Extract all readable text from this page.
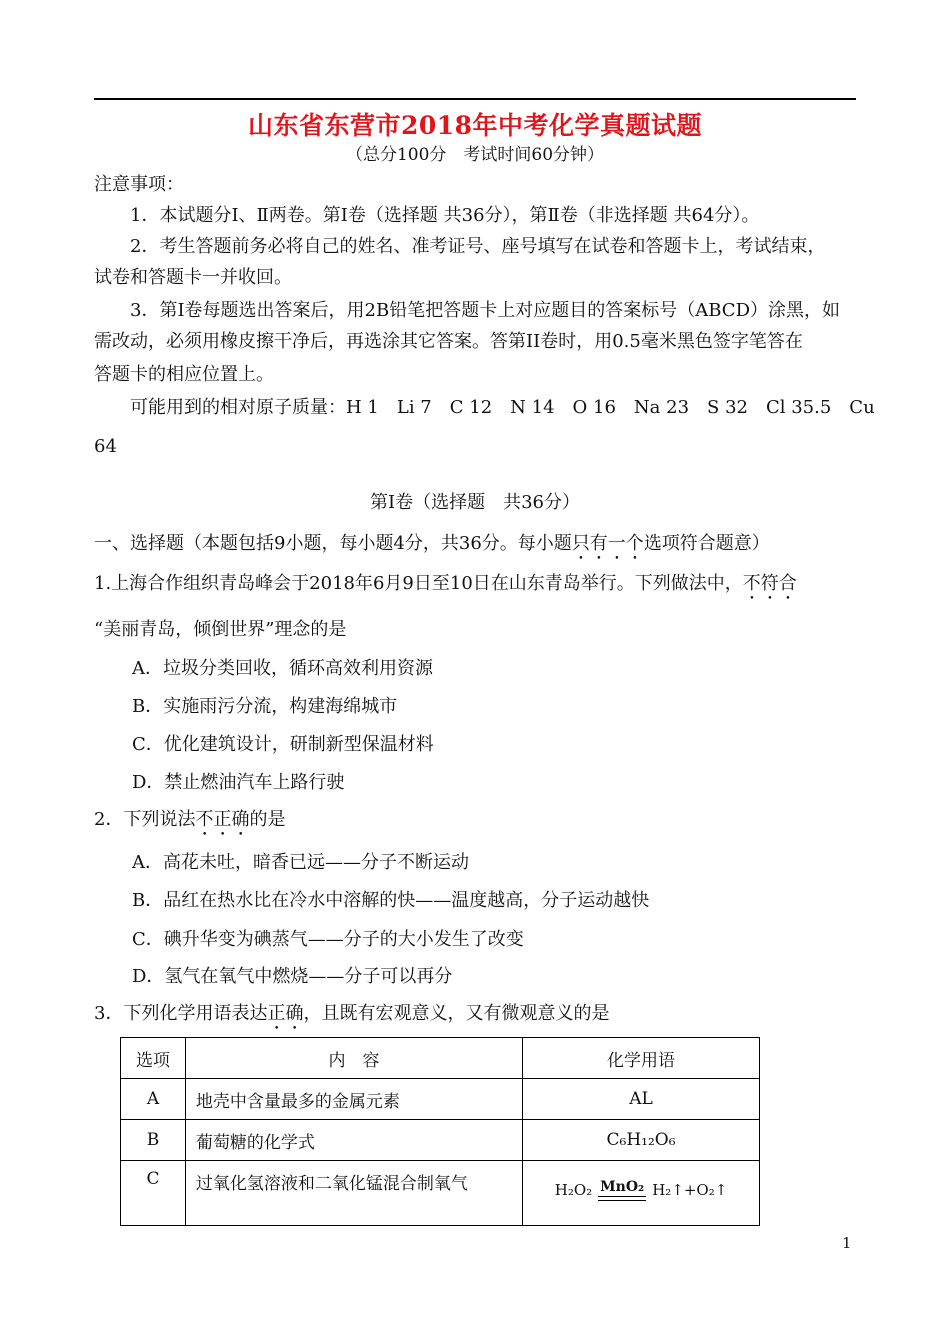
山东省东营市2018年中考化学真题试题
（总分100分　考试时间60分钟）
注意事项：
1．本试题分Ⅰ、Ⅱ两卷。第Ⅰ卷（选择题 共36分），第Ⅱ卷（非选择题 共64分）。
2．考生答题前务必将自己的姓名、准考证号、座号填写在试卷和答题卡上，考试结束，
试卷和答题卡一并收回。
3．第Ⅰ卷每题选出答案后，用2B铅笔把答题卡上对应题目的答案标号（ABCD）涂黑，如
需改动，必须用橡皮擦干净后，再选涂其它答案。答第II卷时，用0.5毫米黑色签字笔答在
答题卡的相应位置上。
可能用到的相对原子质量：H 1　Li 7　C 12　N 14　O 16　Na 23　S 32　Cl 35.5　Cu
64
第Ⅰ卷（选择题　共36分）
一、选择题（本题包括9小题，每小题4分，共36分。每小题只有一个选项符合题意）
1.上海合作组织青岛峰会于2018年6月9日至10日在山东青岛举行。下列做法中，不符合
“美丽青岛，倾倒世界”理念的是
A．垃圾分类回收，循环高效利用资源
B．实施雨污分流，构建海绵城市
C．优化建筑设计，研制新型保温材料
D．禁止燃油汽车上路行驶
2．下列说法不正确的是
A．高花未吐，暗香已远——分子不断运动
B．品红在热水比在冷水中溶解的快——温度越高，分子运动越快
C．碘升华变为碘蒸气——分子的大小发生了改变
D．氢气在氧气中燃烧——分子可以再分
3．下列化学用语表达正确，且既有宏观意义，又有微观意义的是
选项	内　容	化学用语
A	地壳中含量最多的金属元素	AL
B	葡萄糖的化学式	C₆H₁₂O₆
C	过氧化氢溶液和二氧化锰混合制氧气	H₂O₂ MnO₂ H₂↑+O₂↑
1
